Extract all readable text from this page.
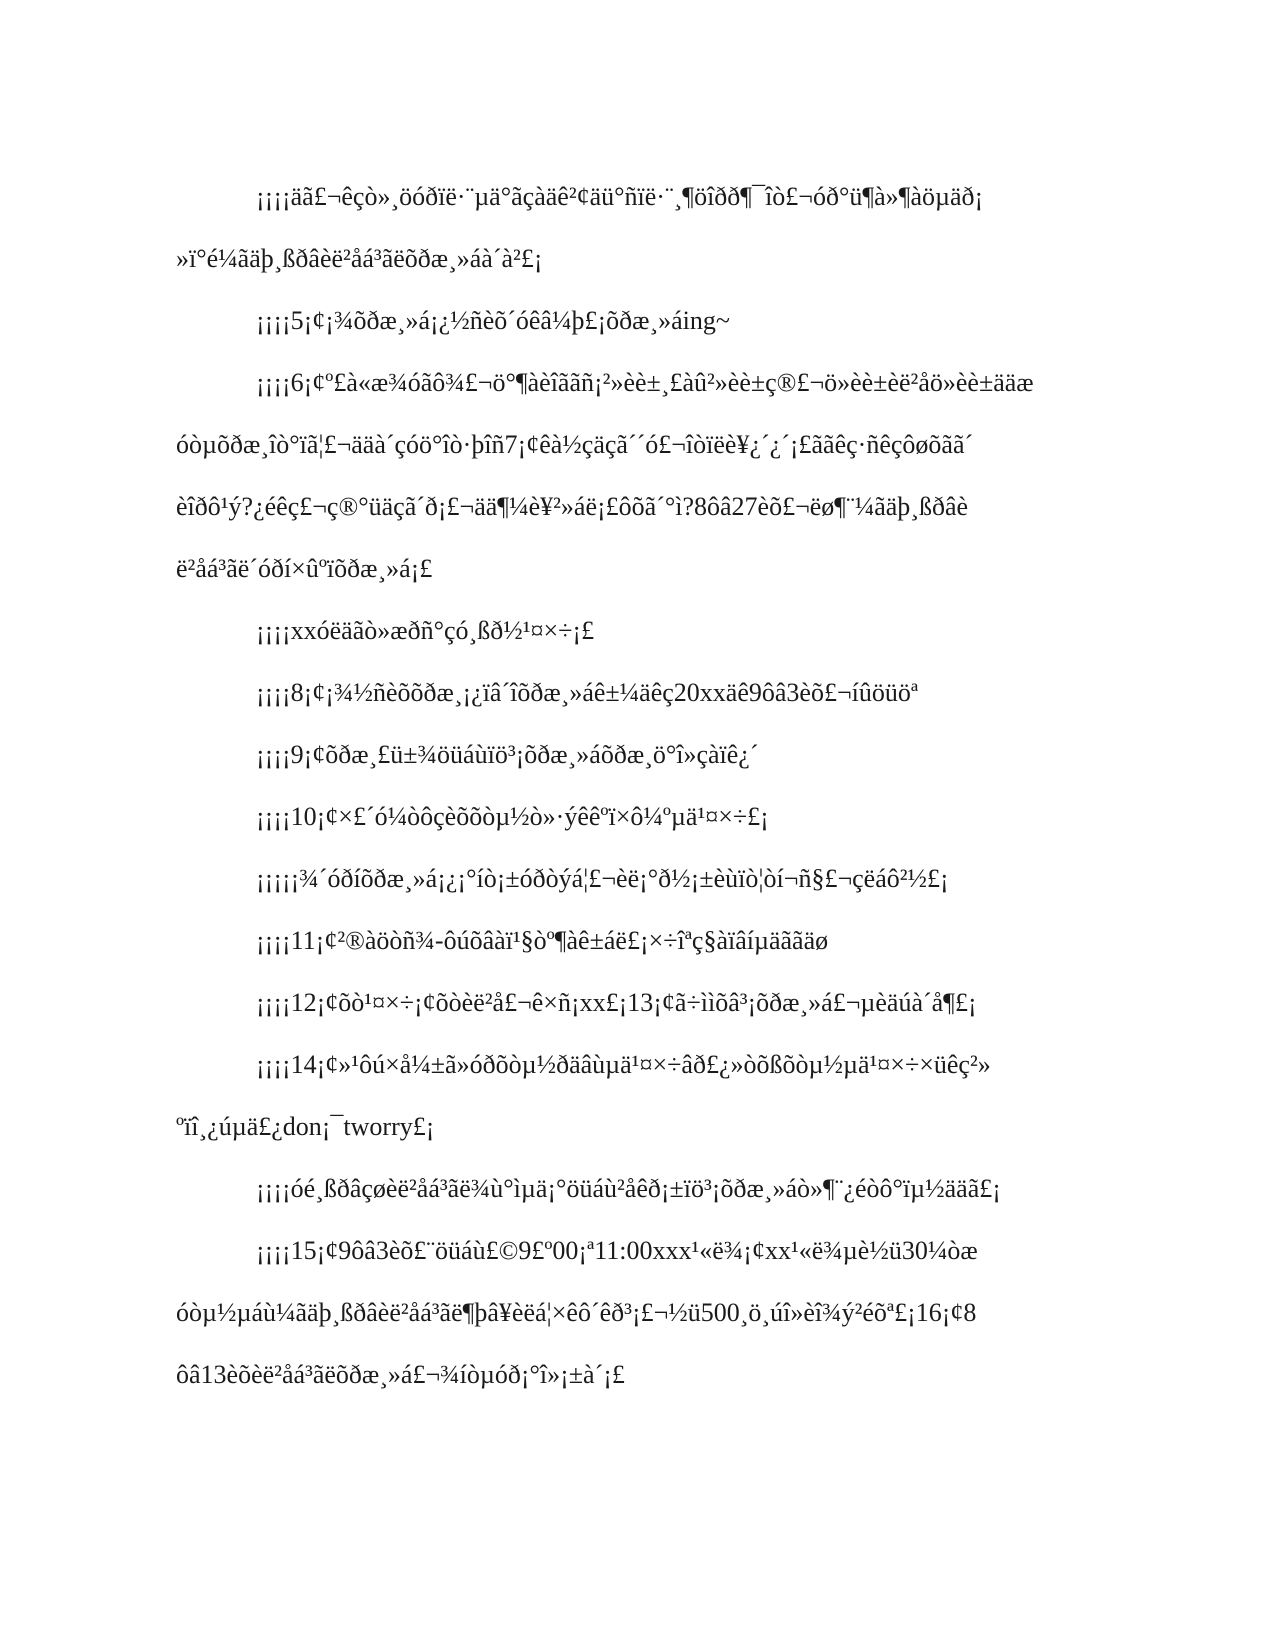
¡¡¡¡äã£¬êçò»¸öóðïë·¨µä°ãçàäê²¢äü°ñïë·¨¸¶öîðð¶¯îò£¬óð°ü¶à»¶àöµäð¡

»ï°é¼ãäþ¸ßðâèë²åá³ãëõðæ¸»áà´à²£¡

¡¡¡¡5¡¢¡¾õðæ¸»á¡¿½ñèõ´óêâ¼þ£¡õðæ¸»áing~

¡¡¡¡6¡¢º£à«æ¾óãô¾£¬ö°¶àèîããñ¡²»èè±¸£àû²»èè±ç®£¬ö»èè±èë²åö»èè±ääæ

óòµõðæ¸îò°ïã¦£¬ääà´çóö°îò·þîñ7¡¢êà½çäçã´´ó£¬îòïëè¥¿´¿´¡£ããêç·ñêçôøõãã´

èîðô¹ý?¿éêç£¬ç®°üäçã´ð¡£¬ää¶¼è¥²»áë¡£ôõã´°ì?8ôâ27èõ£¬ëø¶¨¼ãäþ¸ßðâè

ë²åá³ãë´óðí×ûºïõðæ¸»á¡£

¡¡¡¡xxóëäãò»æðñ°çó¸ßð½¹¤×÷¡£

¡¡¡¡8¡¢¡¾½ñèõõðæ¸¡¿ïâ´îõðæ¸»áê±¼äêç20xxäê9ôâ3èõ£¬íûöüöª

¡¡¡¡9¡¢õðæ¸£ü±¾öüáùïö³¡õðæ¸»áõðæ¸ö°î»çàïê¿´

¡¡¡¡10¡¢×£´ó¼òôçèõõòµ½ò»·ýêêºï×ô¼ºµä¹¤×÷£¡

¡¡¡¡¡¾´óðíõðæ¸»á¡¿¡°íò¡±óðòýá¦£¬èë¡°ð½¡±èùïò¦òí¬ñ§£¬çëáô²½£¡

¡¡¡¡11¡¢²®àöòñ¾-ôúõâàï¹§òº¶àê±áë£¡×÷îªç§àïâíµäããäø

¡¡¡¡12¡¢õò¹¤×÷¡¢õòèë²å£¬ê×ñ¡xx£¡13¡¢ã÷ììõâ³¡õðæ¸»á£¬µèäúà´å¶£¡

¡¡¡¡14¡¢»¹ôú×å¼±ã»óðõòµ½ðäâùµä¹¤×÷âð£¿»òõßõòµ½µä¹¤×÷×üêç²»

ºïî¸¿úµä£¿don¡¯tworry£¡

¡¡¡¡óé¸ßðâçøèë²åá³ãë¾ù°ìµä¡°öüáù²åêð¡±ïö³¡õðæ¸»áò»¶¨¿éòô°ïµ½ääã£¡

¡¡¡¡15¡¢9ôâ3èõ£¨öüáù£©9£º00¡ª11:00xxx¹«ë¾¡¢xx¹«ë¾µè½ü30¼òæ

óòµ½µáù¼ãäþ¸ßðâèë²åá³ãë¶þâ¥èëá¦×êô´êð³¡£¬½ü500¸ö¸úî»èî¾ý²éõª£¡16¡¢8

ôâ13èõèë²åá³ãëõðæ¸»á£¬¾íòµóð¡°î»¡±à´¡£
